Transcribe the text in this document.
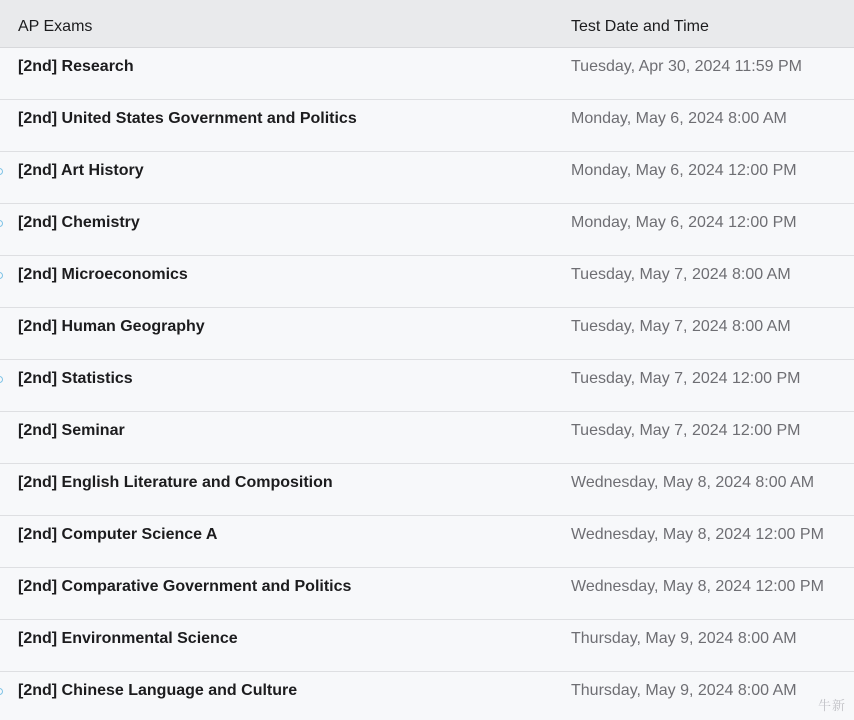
AP Exams	Test Date and Time
[2nd] Research	Tuesday, Apr 30, 2024 11:59 PM
[2nd] United States Government and Politics	Monday, May 6, 2024 8:00 AM
[2nd] Art History	Monday, May 6, 2024 12:00 PM
[2nd] Chemistry	Monday, May 6, 2024 12:00 PM
[2nd] Microeconomics	Tuesday, May 7, 2024 8:00 AM
[2nd] Human Geography	Tuesday, May 7, 2024 8:00 AM
[2nd] Statistics	Tuesday, May 7, 2024 12:00 PM
[2nd] Seminar	Tuesday, May 7, 2024 12:00 PM
[2nd] English Literature and Composition	Wednesday, May 8, 2024 8:00 AM
[2nd] Computer Science A	Wednesday, May 8, 2024 12:00 PM
[2nd] Comparative Government and Politics	Wednesday, May 8, 2024 12:00 PM
[2nd] Environmental Science	Thursday, May 9, 2024 8:00 AM
[2nd] Chinese Language and Culture	Thursday, May 9, 2024 8:00 AM
牛新
